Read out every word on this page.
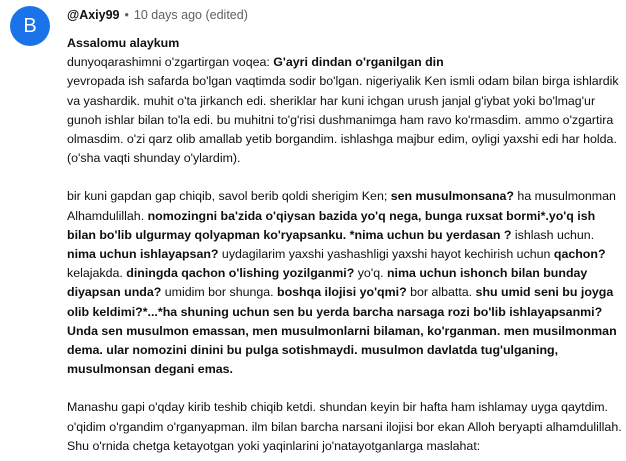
B	@Axiy99 • 10 days ago (edited)

Assalomu alaykum

dunyoqarashimni o'zgartirgan voqea: G'ayri dindan o'rganilgan din

yevropada ish safarda bo'lgan vaqtimda sodir bo'lgan. nigeriyalik Ken ismli odam bilan birga ishlardik va yashardik. muhit o'ta jirkanch edi. sheriklar har kuni ichgan urush janjal g'iybat yoki bo'lmag'ur gunoh ishlar bilan to'la edi. bu muhitni to'g'risi dushmanimga ham ravo ko'rmasdim. ammo o'zgartira olmasdim. o'zi qarz olib amallab yetib borgandim. ishlashga majbur edim, oyligi yaxshi edi har holda. (o'sha vaqti shunday o'ylardim).

bir kuni gapdan gap chiqib, savol berib qoldi sherigim Ken; sen musulmonsana? ha musulmonman Alhamdulillah. nomozingni ba'zida o'qiysan bazida yo'q nega, bunga ruxsat bormi*.yo'q ish bilan bo'lib ulgurmay qolyapman ko'ryapsanku. *nima uchun bu yerdasan ? ishlash uchun. nima uchun ishlayapsan? uydagilarim yaxshi yashashligi yaxshi hayot kechirish uchun qachon? kelajakda. diningda qachon o'lishing yozilganmi? yo'q. nima uchun ishonch bilan bunday diyapsan unda? umidim bor shunga. boshqa ilojisi yo'qmi? bor albatta. shu umid seni bu joyga olib keldimi?*...*ha shuning uchun sen bu yerda barcha narsaga rozi bo'lib ishlayapsanmi? Unda sen musulmon emassan, men musulmonlarni bilaman, ko'rganman. men musilmonman dema. ular nomozini dinini bu pulga sotishmaydi. musulmon davlatda tug'ulganing, musulmonsan degani emas.

Manashu gapi o'qday kirib teshib chiqib ketdi. shundan keyin bir hafta ham ishlamay uyga qaytdim. o'qidim o'rgandim o'rganyapman. ilm bilan barcha narsani ilojisi bor ekan Alloh beryapti alhamdulillah. Shu o'rnida chetga ketayotgan yoki yaqinlarini jo'natayotganlarga maslahat:
